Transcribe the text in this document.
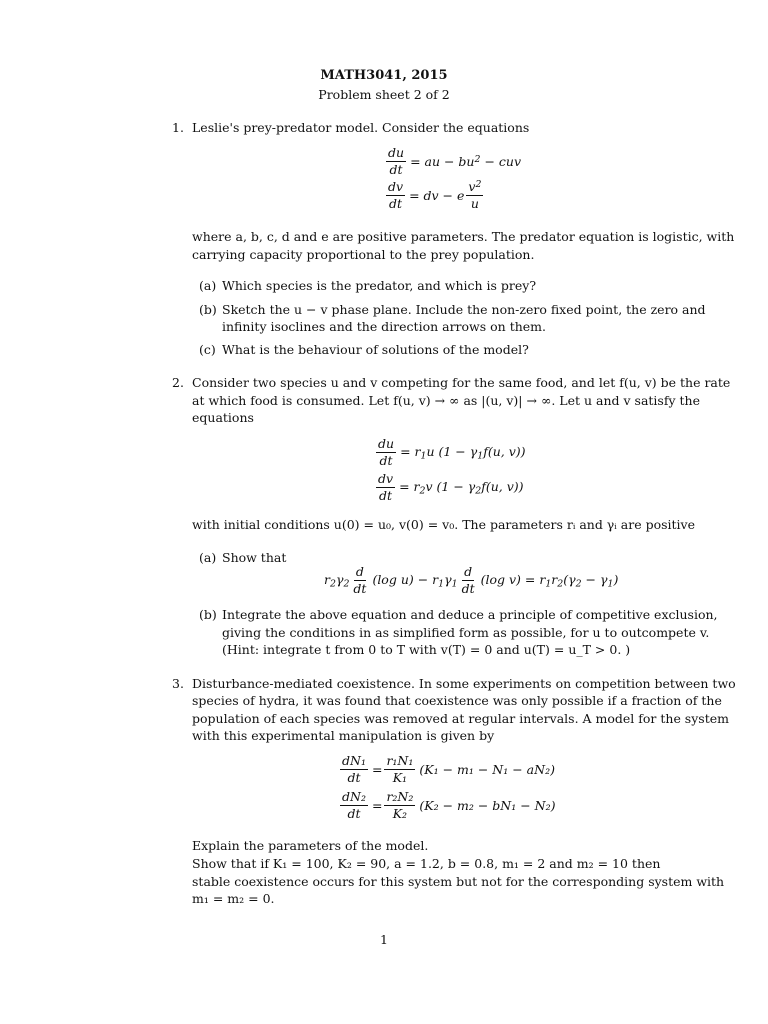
MATH3041, 2015
Problem sheet 2 of 2
1. Leslie's prey-predator model. Consider the equations
$\frac{du}{dt}$ = au − $bu^2$ − cuv
$\frac{dv}{dt}$ = dv − e $\frac{v^2}{u}$
where a, b, c, d and e are positive parameters. The predator equation is logistic, with
carrying capacity proportional to the prey population.
(a) Which species is the predator, and which is prey?
(b) Sketch the u − v phase plane. Include the non-zero fixed point, the zero and
infinity isoclines and the direction arrows on them.
(c) What is the behaviour of solutions of the model?
2. Consider two species u and v competing for the same food, and let f(u, v) be the rate
at which food is consumed. Let f(u, v) → ∞ as |(u, v)| → ∞. Let u and v satisfy the
equations
$\frac{du}{dt} = r_1u$ ($1 - \gamma_1f(u$, v))
$\frac{dv}{dt} = r_2v$ ($1 - \gamma_2f(u$, v))
with initial conditions u(0) = u₀, v(0) = v₀. The parameters rᵢ and γᵢ are positive
(a) Show that
$r_2\gamma_2 \frac{d}{dt} (\log$ $u) - r_1\gamma_1 \frac{d}{dt} (\log$ $v) = r_1r_2(\gamma_2 - \gamma_1)$
(b) Integrate the above equation and deduce a principle of competitive exclusion,
giving the conditions in as simplified form as possible, for u to outcompete v.
(Hint: integrate t from 0 to T with v(T) = 0 and u(T) = u_T > 0. )
3. Disturbance-mediated coexistence. In some experiments on competition between two
species of hydra, it was found that coexistence was only possible if a fraction of the
population of each species was removed at regular intervals. A model for the system
with this experimental manipulation is given by
$\frac{\text{dN₁}}{dt} = \frac{\text{r₁N₁}}{\text{K₁}} (K_1 - m_1 - N_1 - aN_2)$
$\frac{\text{dN₂}}{dt} = \frac{\text{r₂N₂}}{\text{K₂}} (K_2 - m_2 - bN_1 - N_2)$
Explain the parameters of the model.
Show that if K₁ = 100, K₂ = 90, a = 1.2, b = 0.8, m₁ = 2 and m₂ = 10 then
stable coexistence occurs for this system but not for the corresponding system with
m₁ = m₂ = 0.
1
